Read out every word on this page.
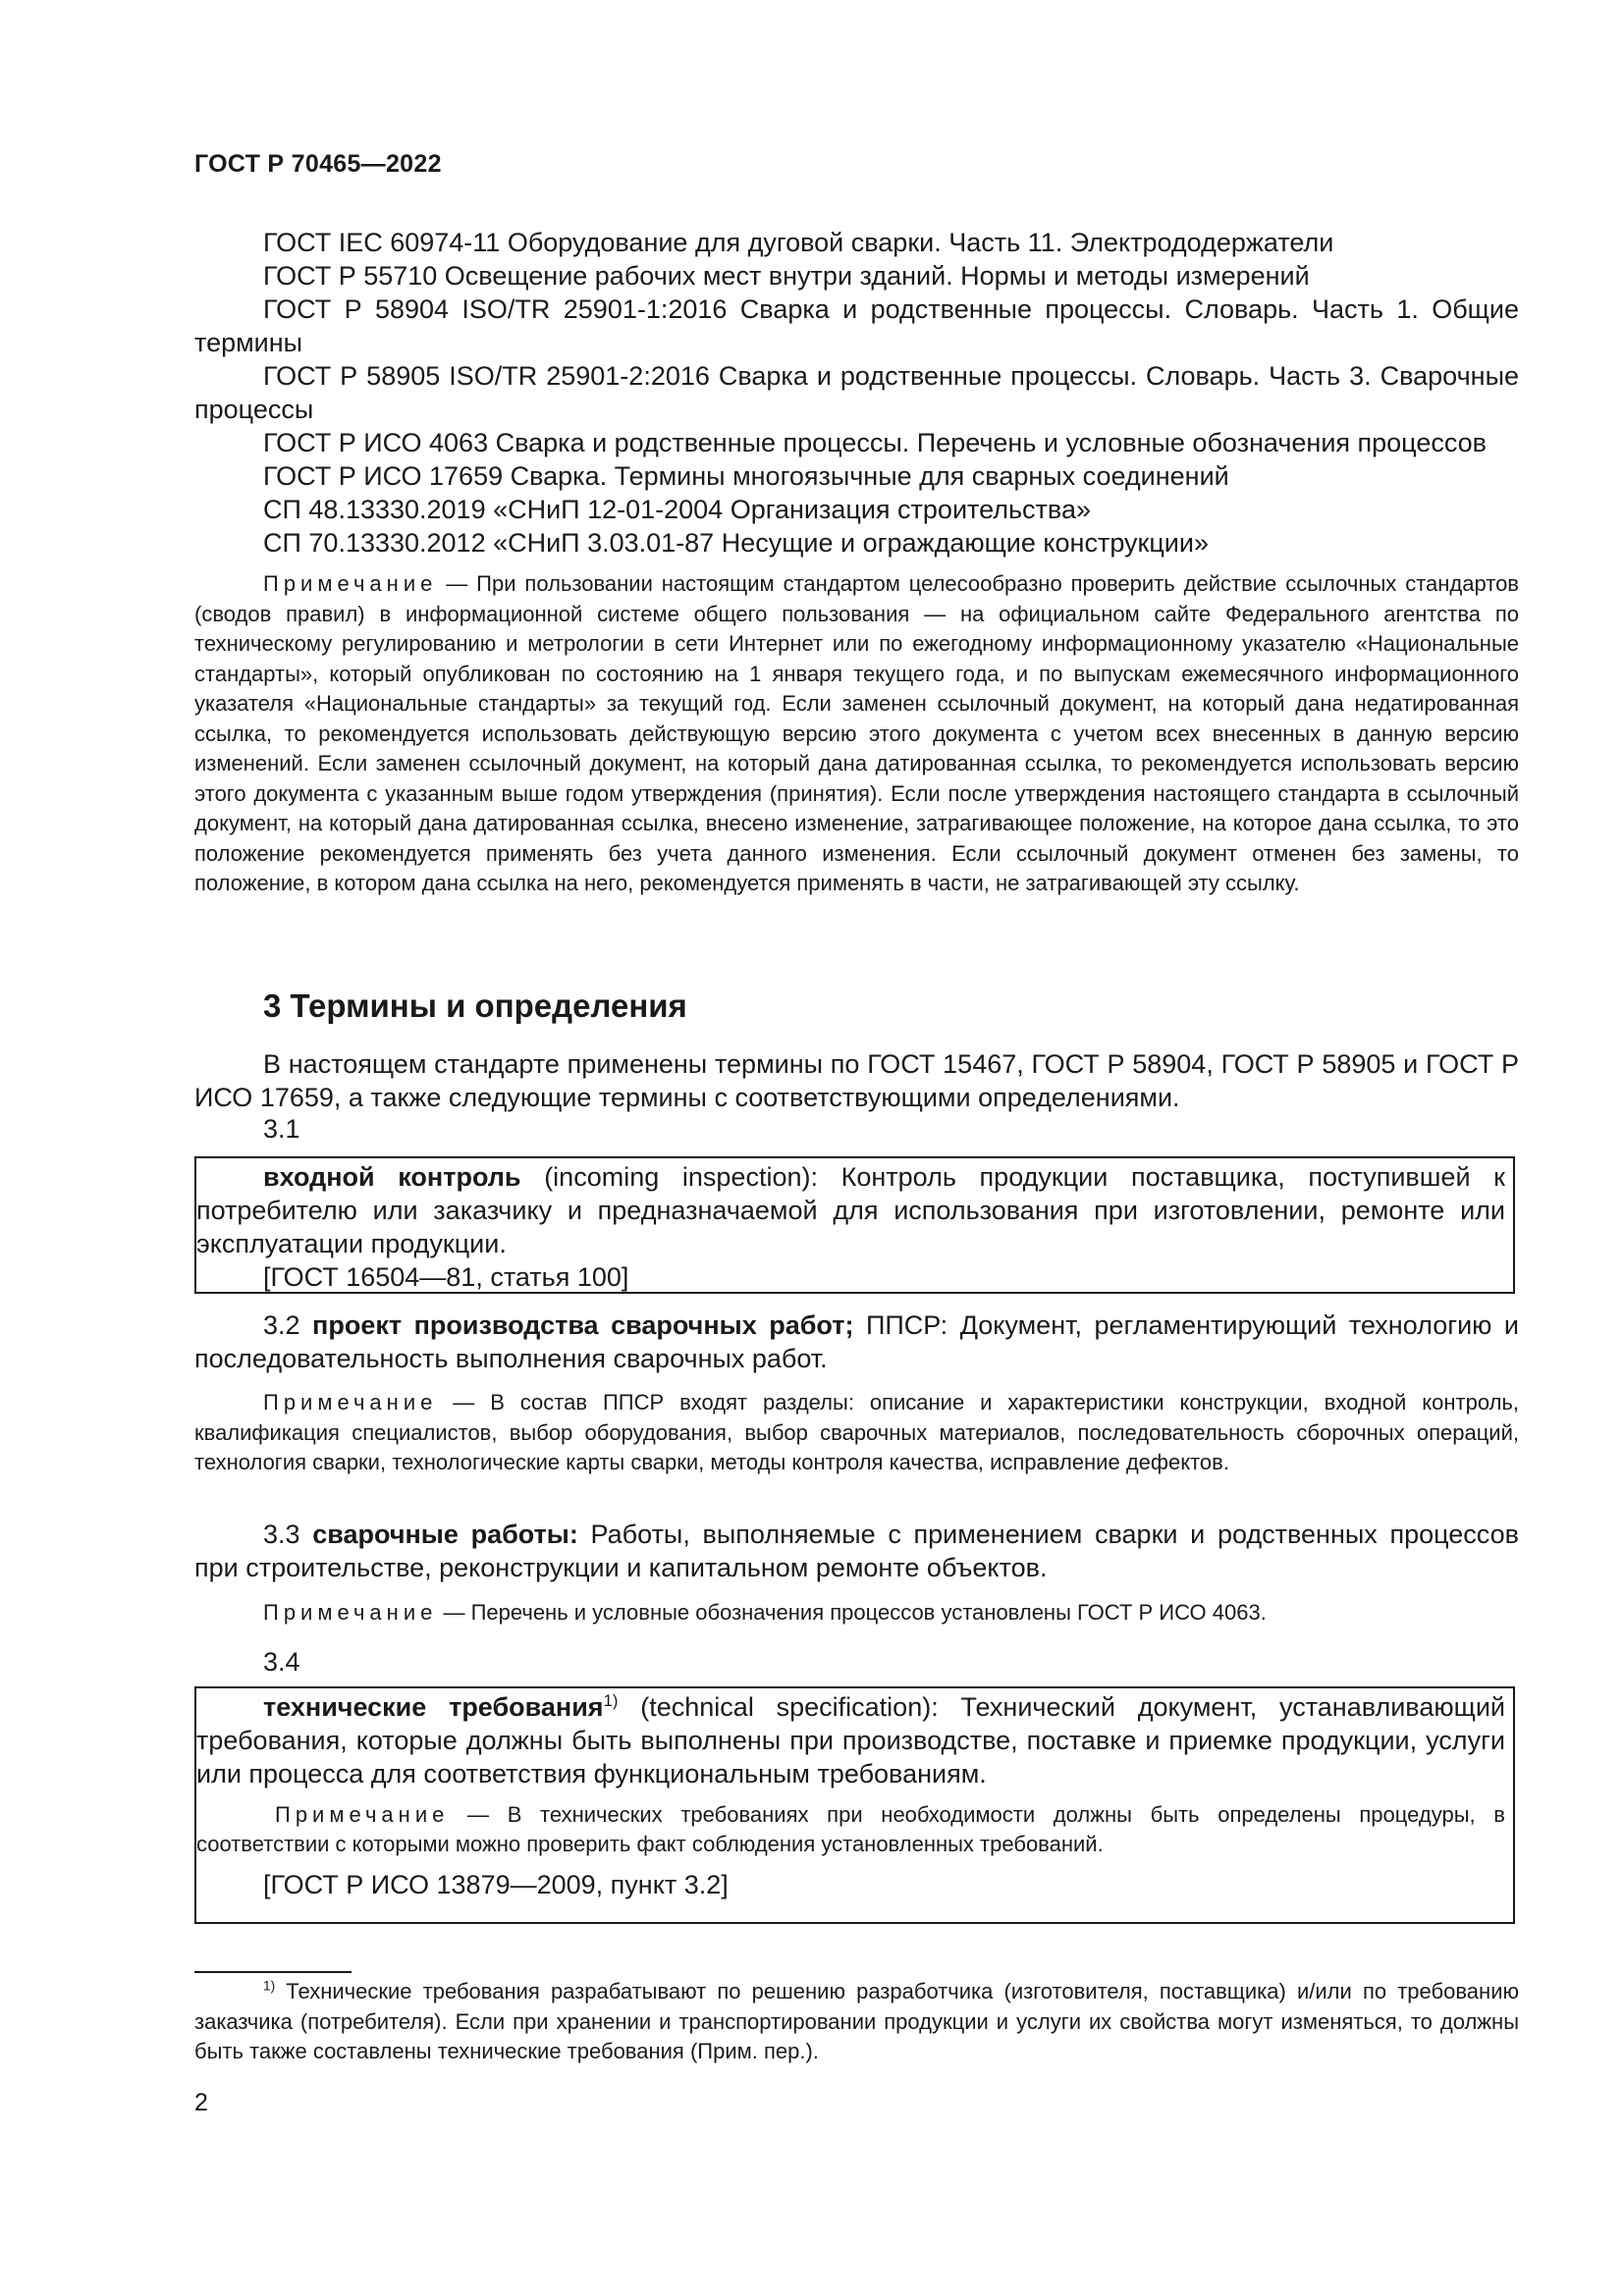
ГОСТ Р 70465—2022

ГОСТ IEC 60974-11 Оборудование для дуговой сварки. Часть 11. Электрододержатели

ГОСТ Р 55710 Освещение рабочих мест внутри зданий. Нормы и методы измерений

ГОСТ Р 58904 ISO/TR 25901-1:2016 Сварка и родственные процессы. Словарь. Часть 1. Общие термины

ГОСТ Р 58905 ISO/TR 25901-2:2016 Сварка и родственные процессы. Словарь. Часть 3. Сварочные процессы

ГОСТ Р ИСО 4063 Сварка и родственные процессы. Перечень и условные обозначения процессов

ГОСТ Р ИСО 17659 Сварка. Термины многоязычные для сварных соединений

СП 48.13330.2019 «СНиП 12-01-2004 Организация строительства»

СП 70.13330.2012 «СНиП 3.03.01-87 Несущие и ограждающие конструкции»

Примечание — При пользовании настоящим стандартом целесообразно проверить действие ссылочных стандартов (сводов правил) в информационной системе общего пользования — на официальном сайте Федерального агентства по техническому регулированию и метрологии в сети Интернет или по ежегодному информационному указателю «Национальные стандарты», который опубликован по состоянию на 1 января текущего года, и по выпускам ежемесячного информационного указателя «Национальные стандарты» за текущий год. Если заменен ссылочный документ, на который дана недатированная ссылка, то рекомендуется использовать действующую версию этого документа с учетом всех внесенных в данную версию изменений. Если заменен ссылочный документ, на который дана датированная ссылка, то рекомендуется использовать версию этого документа с указанным выше годом утверждения (принятия). Если после утверждения настоящего стандарта в ссылочный документ, на который дана датированная ссылка, внесено изменение, затрагивающее положение, на которое дана ссылка, то это положение рекомендуется применять без учета данного изменения. Если ссылочный документ отменен без замены, то положение, в котором дана ссылка на него, рекомендуется применять в части, не затрагивающей эту ссылку.

3 Термины и определения

В настоящем стандарте применены термины по ГОСТ 15467, ГОСТ Р 58904, ГОСТ Р 58905 и ГОСТ Р ИСО 17659, а также следующие термины с соответствующими определениями.

3.1

входной контроль (incoming inspection): Контроль продукции поставщика, поступившей к потребителю или заказчику и предназначаемой для использования при изготовлении, ремонте или эксплуатации продукции.

[ГОСТ 16504—81, статья 100]

3.2 проект производства сварочных работ; ППСР: Документ, регламентирующий технологию и последовательность выполнения сварочных работ.

Примечание — В состав ППСР входят разделы: описание и характеристики конструкции, входной контроль, квалификация специалистов, выбор оборудования, выбор сварочных материалов, последовательность сборочных операций, технология сварки, технологические карты сварки, методы контроля качества, исправление дефектов.

3.3 сварочные работы: Работы, выполняемые с применением сварки и родственных процессов при строительстве, реконструкции и капитальном ремонте объектов.

Примечание — Перечень и условные обозначения процессов установлены ГОСТ Р ИСО 4063.

3.4

технические требования$^{1)}$ (technical specification): Технический документ, устанавливающий требования, которые должны быть выполнены при производстве, поставке и приемке продукции, услуги или процесса для соответствия функциональным требованиям.

Примечание — В технических требованиях при необходимости должны быть определены процедуры, в соответствии с которыми можно проверить факт соблюдения установленных требований.

[ГОСТ Р ИСО 13879—2009, пункт 3.2]

$^{1)}$ Технические требования разрабатывают по решению разработчика (изготовителя, поставщика) и/или по требованию заказчика (потребителя). Если при хранении и транспортировании продукции и услуги их свойства могут изменяться, то должны быть также составлены технические требования (Прим. пер.).

2
